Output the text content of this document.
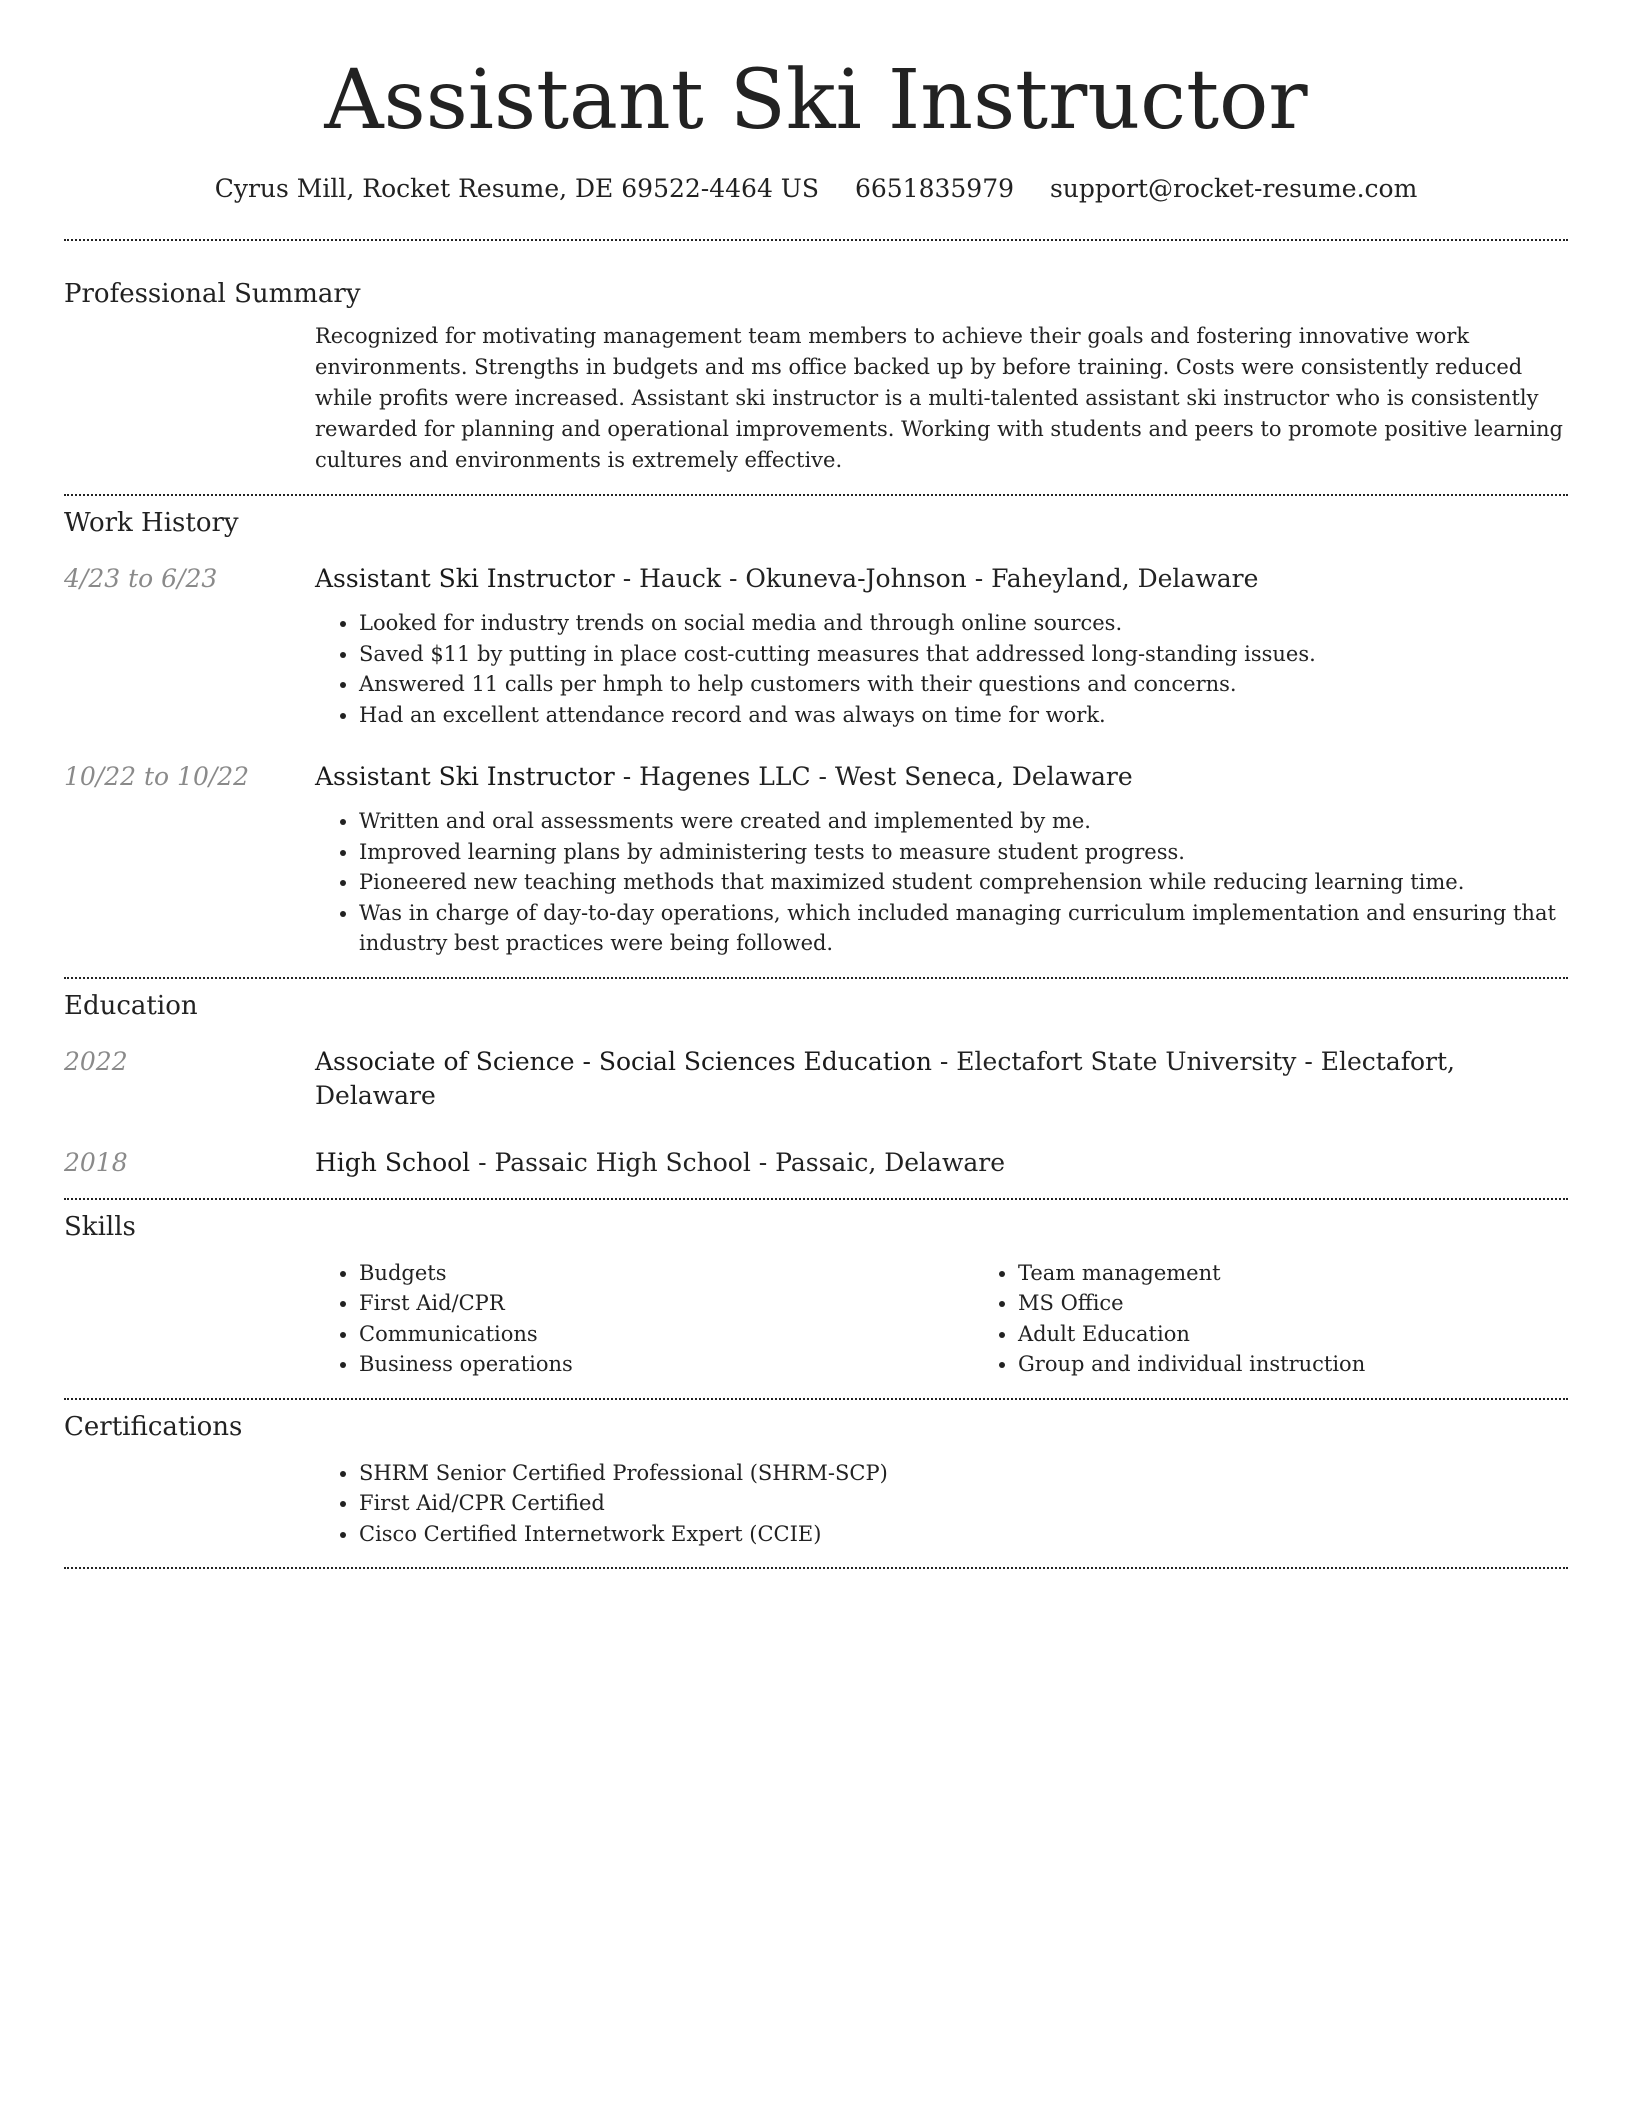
Assistant Ski Instructor
Cyrus Mill, Rocket Resume, DE 69522-4464 US 6651835979 support@rocket-resume.com
Professional Summary
Recognized for motivating management team members to achieve their goals and fostering innovative work environments. Strengths in budgets and ms office backed up by before training. Costs were consistently reduced while profits were increased. Assistant ski instructor is a multi-talented assistant ski instructor who is consistently rewarded for planning and operational improvements. Working with students and peers to promote positive learning cultures and environments is extremely effective.
Work History
4/23 to 6/23	Assistant Ski Instructor - Hauck - Okuneva-Johnson - Faheyland, Delaware
• Looked for industry trends on social media and through online sources.
• Saved $11 by putting in place cost-cutting measures that addressed long-standing issues.
• Answered 11 calls per hmph to help customers with their questions and concerns.
• Had an excellent attendance record and was always on time for work.
10/22 to 10/22	Assistant Ski Instructor - Hagenes LLC - West Seneca, Delaware
• Written and oral assessments were created and implemented by me.
• Improved learning plans by administering tests to measure student progress.
• Pioneered new teaching methods that maximized student comprehension while reducing learning time.
• Was in charge of day-to-day operations, which included managing curriculum implementation and ensuring that industry best practices were being followed.
Education
2022	Associate of Science - Social Sciences Education - Electafort State University - Electafort, Delaware
2018	High School - Passaic High School - Passaic, Delaware
Skills
• Budgets
• First Aid/CPR
• Communications
• Business operations
• Team management
• MS Office
• Adult Education
• Group and individual instruction
Certifications
• SHRM Senior Certified Professional (SHRM-SCP)
• First Aid/CPR Certified
• Cisco Certified Internetwork Expert (CCIE)
